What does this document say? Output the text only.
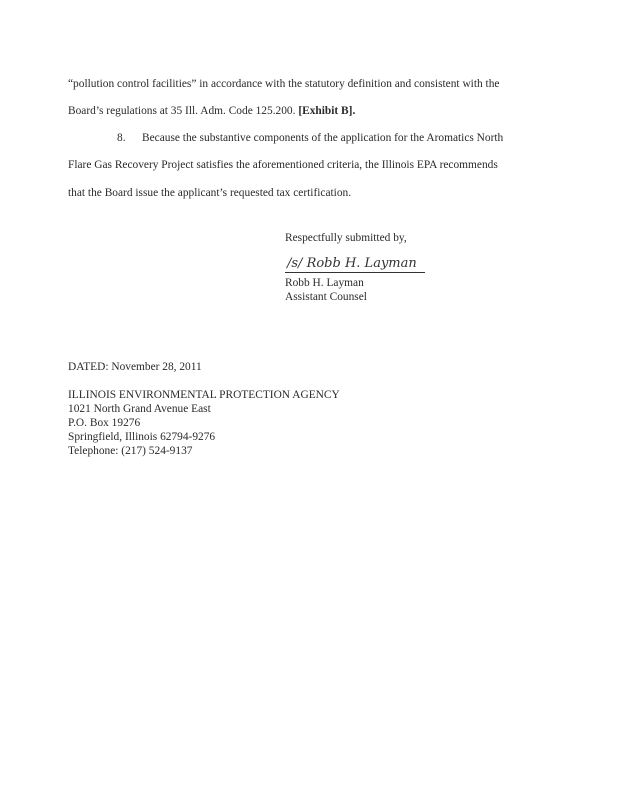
“pollution control facilities” in accordance with the statutory definition and consistent with the

Board’s regulations at 35 Ill. Adm. Code 125.200. [Exhibit B].

8. Because the substantive components of the application for the Aromatics North

Flare Gas Recovery Project satisfies the aforementioned criteria, the Illinois EPA recommends

that the Board issue the applicant’s requested tax certification.

Respectfully submitted by,

/s/ Robb H. Layman

Robb H. Layman

Assistant Counsel

DATED: November 28, 2011

ILLINOIS ENVIRONMENTAL PROTECTION AGENCY

1021 North Grand Avenue East

P.O. Box 19276

Springfield, Illinois 62794-9276

Telephone: (217) 524-9137
